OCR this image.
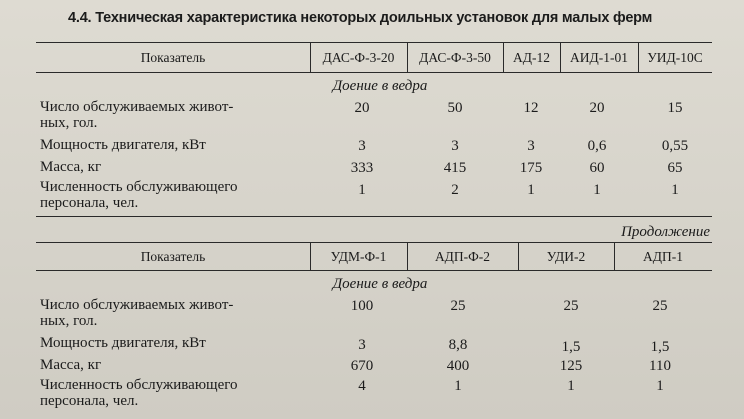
4.4. Техническая характеристика некоторых доильных установок для малых ферм
Показатель	ДАС-Ф-3-20	ДАС-Ф-3-50	АД-12	АИД-1-01	УИД-10С
Доение в ведра
Число обслуживаемых живот-
ных, гол.
20	50	12	20	15
Мощность двигателя, кВт	3	3	3	0,6	0,55
Масса, кг	333	415	175	60	65
Численность обслуживающего
персонала, чел.
1	2	1	1	1
Продолжение
Показатель	УДМ-Ф-1	АДП-Ф-2	УДИ-2	АДП-1
Доение в ведра
Число обслуживаемых живот-
ных, гол.
100	25	25	25
Мощность двигателя, кВт	3	8,8	1,5	1,5
Масса, кг	670	400	125	110
Численность обслуживающего
персонала, чел.
4	1	1	1
